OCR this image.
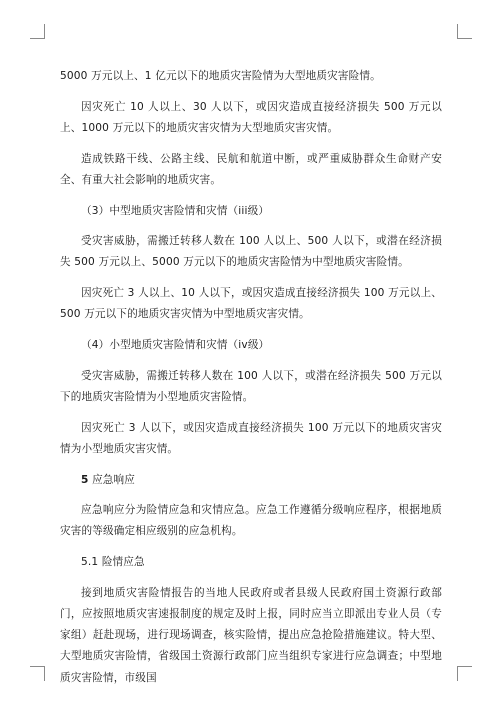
5000 万元以上、1 亿元以下的地质灾害险情为大型地质灾害险情。

因灾死亡 10 人以上、30 人以下，或因灾造成直接经济损失 500 万元以上、1000 万元以下的地质灾害灾情为大型地质灾害灾情。

造成铁路干线、公路主线、民航和航道中断，或严重威胁群众生命财产安全、有重大社会影响的地质灾害。

（3）中型地质灾害险情和灾情（iii级）

受灾害威胁，需搬迁转移人数在 100 人以上、500 人以下，或潜在经济损失 500 万元以上、5000 万元以下的地质灾害险情为中型地质灾害险情。

因灾死亡 3 人以上、10 人以下，或因灾造成直接经济损失 100 万元以上、500 万元以下的地质灾害灾情为中型地质灾害灾情。

（4）小型地质灾害险情和灾情（iv级）

受灾害威胁，需搬迁转移人数在 100 人以下，或潜在经济损失 500 万元以下的地质灾害险情为小型地质灾害险情。

因灾死亡 3 人以下，或因灾造成直接经济损失 100 万元以下的地质灾害灾情为小型地质灾害灾情。

5 应急响应

应急响应分为险情应急和灾情应急。应急工作遵循分级响应程序，根据地质灾害的等级确定相应级别的应急机构。

5.1 险情应急

接到地质灾害险情报告的当地人民政府或者县级人民政府国土资源行政部门，应按照地质灾害速报制度的规定及时上报，同时应当立即派出专业人员（专家组）赶赴现场，进行现场调查，核实险情，提出应急抢险措施建议。特大型、大型地质灾害险情，省级国土资源行政部门应当组织专家进行应急调查；中型地质灾害险情，市级国
